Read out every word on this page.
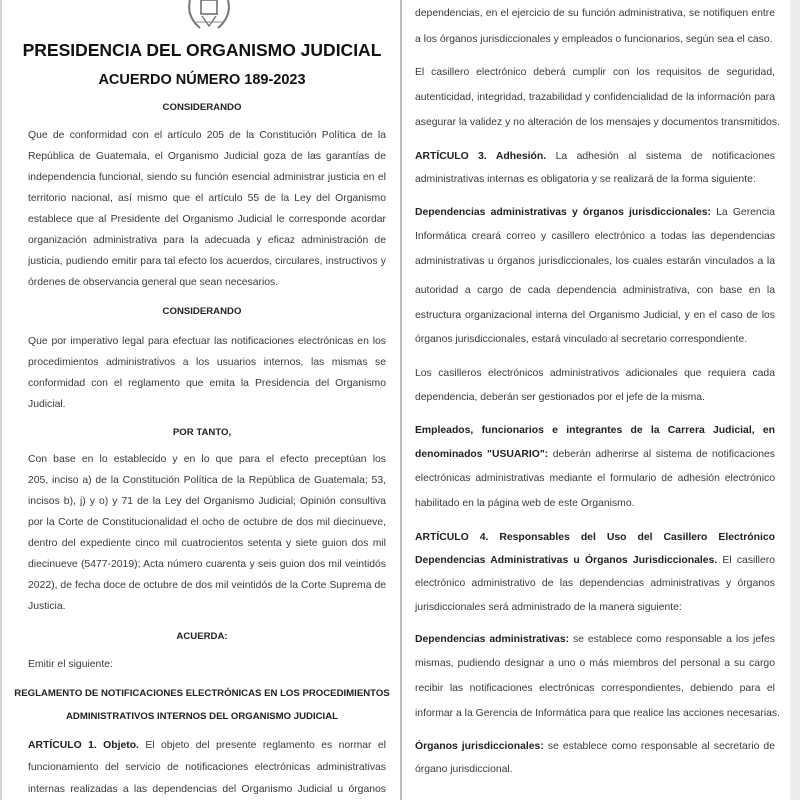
PRESIDENCIA DEL ORGANISMO JUDICIAL
ACUERDO NÚMERO 189-2023
CONSIDERANDO
Que de conformidad con el artículo 205 de la Constitución Política de la
República de Guatemala, el Organismo Judicial goza de las garantías de
independencia funcional, siendo su función esencial administrar justicia en el
territorio nacional, así mismo que el artículo 55 de la Ley del Organismo
establece que al Presidente del Organismo Judicial le corresponde acordar
organización administrativa para la adecuada y eficaz administración de
justicia, pudiendo emitir para tal efecto los acuerdos, circulares, instructivos y
órdenes de observancia general que sean necesarios.
CONSIDERANDO
Que por imperativo legal para efectuar las notificaciones electrónicas en los
procedimientos administrativos a los usuarios internos, las mismas se
conformidad con el reglamento que emita la Presidencia del Organismo
Judicial.
POR TANTO,
Con base en lo establecido y en lo que para el efecto preceptúan los
205, inciso a) de la Constitución Política de la República de Guatemala; 53,
incisos b), j) y o) y 71 de la Ley del Organismo Judicial; Opinión consultiva
por la Corte de Constitucionalidad el ocho de octubre de dos mil diecinueve,
dentro del expediente cinco mil cuatrocientos setenta y siete guion dos mil
diecinueve (5477-2019); Acta número cuarenta y seis guion dos mil veintidós
2022), de fecha doce de octubre de dos mil veintidós de la Corte Suprema de
Justicia.
ACUERDA:
Emitir el siguiente:
REGLAMENTO DE NOTIFICACIONES ELECTRÓNICAS EN LOS PROCEDIMIENTOS
ADMINISTRATIVOS INTERNOS DEL ORGANISMO JUDICIAL
ARTÍCULO 1. Objeto. El objeto del presente reglamento es normar el
funcionamiento del servicio de notificaciones electrónicas administrativas
internas realizadas a las dependencias del Organismo Judicial u órganos
dependencias, en el ejercicio de su función administrativa, se notifiquen entre
a los órganos jurisdiccionales y empleados o funcionarios, según sea el caso.
El casillero electrónico deberá cumplir con los requisitos de seguridad,
autenticidad, integridad, trazabilidad y confidencialidad de la información para
asegurar la validez y no alteración de los mensajes y documentos transmitidos.
ARTÍCULO 3. Adhesión. La adhesión al sistema de notificaciones
administrativas internas es obligatoria y se realizará de la forma siguiente:
Dependencias administrativas y órganos jurisdiccionales: La Gerencia
Informática creará correo y casillero electrónico a todas las dependencias
administrativas u órganos jurisdiccionales, los cuales estarán vinculados a la
autoridad a cargo de cada dependencia administrativa, con base en la
estructura organizacional interna del Organismo Judicial, y en el caso de los
órganos jurisdiccionales, estará vinculado al secretario correspondiente.
Los casilleros electrónicos administrativos adicionales que requiera cada
dependencia, deberán ser gestionados por el jefe de la misma.
Empleados, funcionarios e integrantes de la Carrera Judicial, en
denominados "USUARIO": deberán adherirse al sistema de notificaciones
electrónicas administrativas mediante el formulario de adhesión electrónico
habilitado en la página web de este Organismo.
ARTÍCULO 4. Responsables del Uso del Casillero Electrónico
Dependencias Administrativas u Órganos Jurisdiccionales. El casillero
electrónico administrativo de las dependencias administrativas y órganos
jurisdiccionales será administrado de la manera siguiente:
Dependencias administrativas: se establece como responsable a los jefes
mismas, pudiendo designar a uno o más miembros del personal a su cargo
recibir las notificaciones electrónicas correspondientes, debiendo para el
informar a la Gerencia de Informática para que realice las acciones necesarias.
Órganos jurisdiccionales: se establece como responsable al secretario de
órgano jurisdiccional.
